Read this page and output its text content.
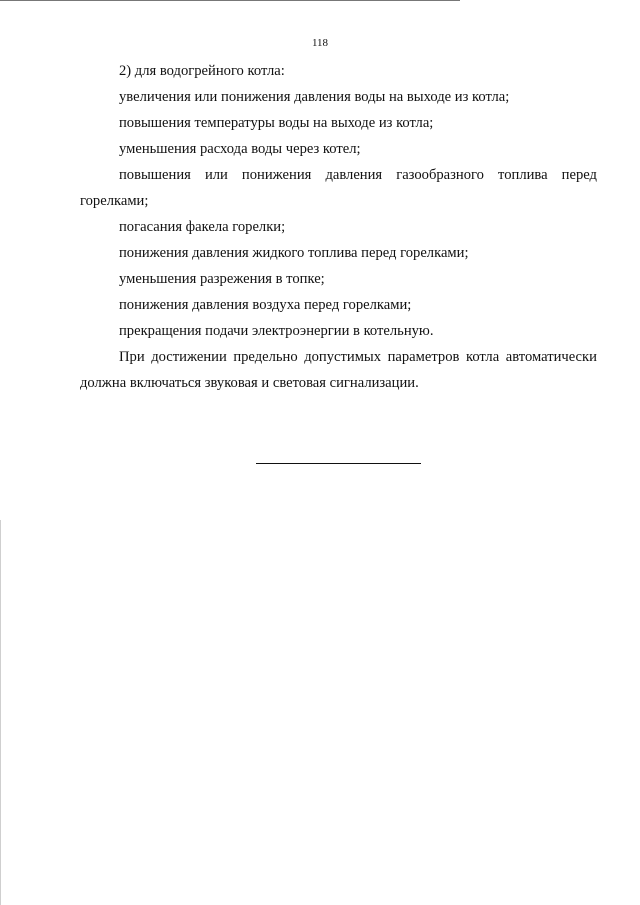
118
2) для водогрейного котла:
увеличения или понижения давления воды на выходе из котла;
повышения температуры воды на выходе из котла;
уменьшения расхода воды через котел;
повышения или понижения давления газообразного топлива перед
горелками;
погасания факела горелки;
понижения давления жидкого топлива перед горелками;
уменьшения разрежения в топке;
понижения давления воздуха перед горелками;
прекращения подачи электроэнергии в котельную.
При достижении предельно допустимых параметров котла автоматически
должна включаться звуковая и световая сигнализации.
